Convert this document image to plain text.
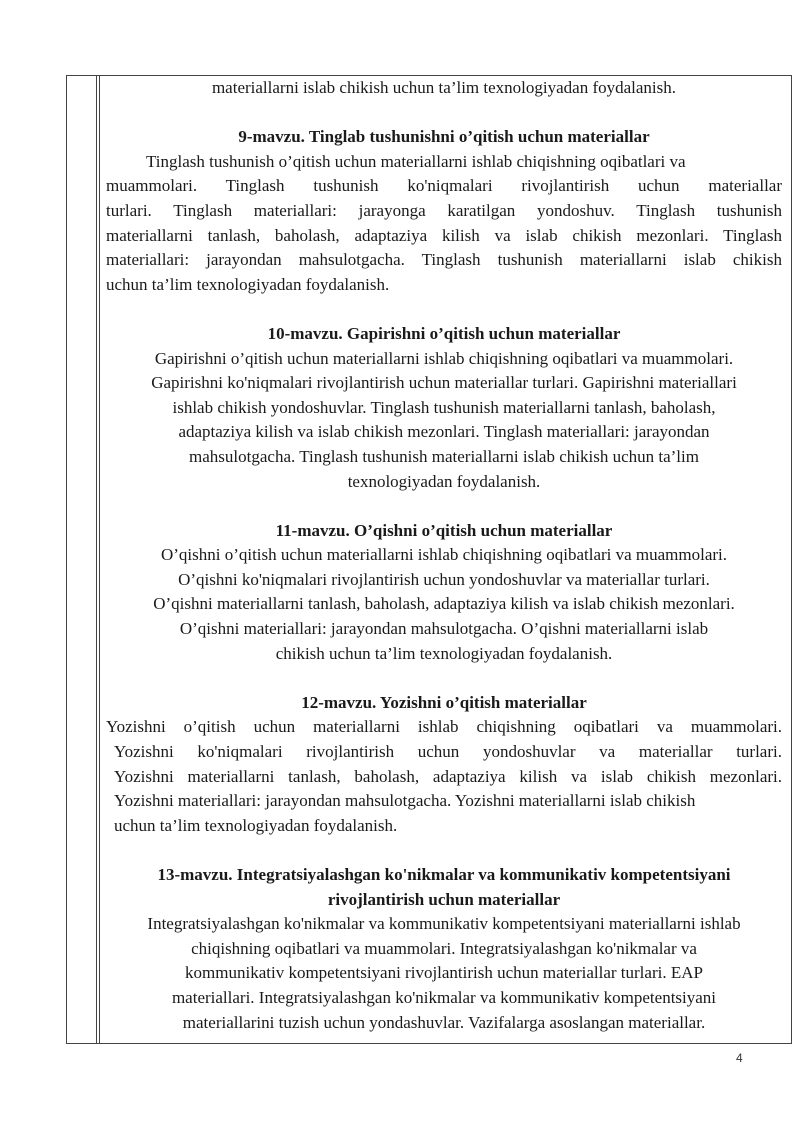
materiallarni islab chikish uchun ta’lim texnologiyadan foydalanish.

9-mavzu. Tinglab tushunishni o’qitish uchun materiallar

Tinglash tushunish o’qitish uchun materiallarni ishlab chiqishning oqibatlari va

muammolari. Tinglash tushunish ko'niqmalari rivojlantirish uchun materiallar

turlari. Tinglash materiallari: jarayonga karatilgan yondoshuv. Tinglash tushunish

materiallarni tanlash, baholash, adaptaziya kilish va islab chikish mezonlari. Tinglash

materiallari: jarayondan mahsulotgacha. Tinglash tushunish materiallarni islab chikish

uchun ta’lim texnologiyadan foydalanish.

10-mavzu. Gapirishni o’qitish uchun materiallar

Gapirishni o’qitish uchun materiallarni ishlab chiqishning oqibatlari va muammolari.

Gapirishni ko'niqmalari rivojlantirish uchun materiallar turlari. Gapirishni materiallari

ishlab chikish yondoshuvlar. Tinglash tushunish materiallarni tanlash, baholash,

adaptaziya kilish va islab chikish mezonlari. Tinglash materiallari: jarayondan

mahsulotgacha. Tinglash tushunish materiallarni islab chikish uchun ta’lim

texnologiyadan foydalanish.

11-mavzu. O’qishni o’qitish uchun materiallar

O’qishni o’qitish uchun materiallarni ishlab chiqishning oqibatlari va muammolari.

O’qishni ko'niqmalari rivojlantirish uchun yondoshuvlar va materiallar turlari.

O’qishni materiallarni tanlash, baholash, adaptaziya kilish va islab chikish mezonlari.

O’qishni materiallari: jarayondan mahsulotgacha. O’qishni materiallarni islab

chikish uchun ta’lim texnologiyadan foydalanish.

12-mavzu. Yozishni o’qitish materiallar

Yozishni o’qitish uchun materiallarni ishlab chiqishning oqibatlari va muammolari.

Yozishni ko'niqmalari rivojlantirish uchun yondoshuvlar va materiallar turlari.

Yozishni materiallarni tanlash, baholash, adaptaziya kilish va islab chikish mezonlari.

Yozishni materiallari: jarayondan mahsulotgacha. Yozishni materiallarni islab chikish

uchun ta’lim texnologiyadan foydalanish.

13-mavzu. Integratsiyalashgan ko'nikmalar va kommunikativ kompetentsiyani

rivojlantirish uchun materiallar

Integratsiyalashgan ko'nikmalar va kommunikativ kompetentsiyani materiallarni ishlab

chiqishning oqibatlari va muammolari. Integratsiyalashgan ko'nikmalar va

kommunikativ kompetentsiyani rivojlantirish uchun materiallar turlari. EAP

materiallari. Integratsiyalashgan ko'nikmalar va kommunikativ kompetentsiyani

materiallarini tuzish uchun yondashuvlar. Vazifalarga asoslangan materiallar.

4
